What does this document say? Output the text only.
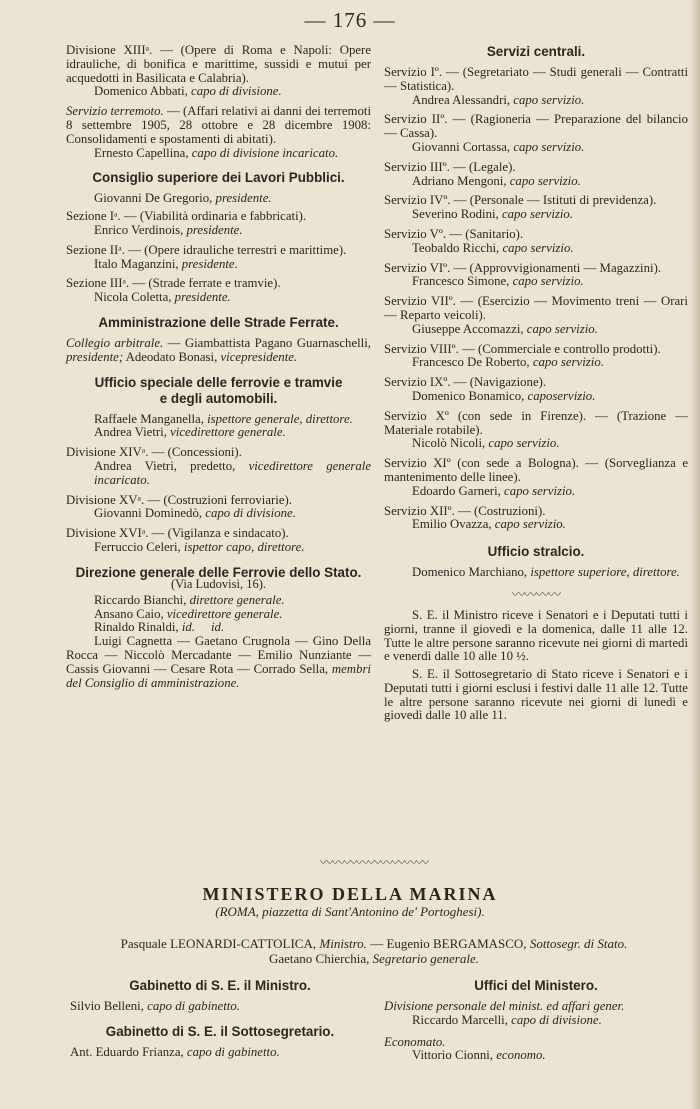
— 176 —
Divisione XIIIᵃ. — (Opere di Roma e Napoli: Opere idrauliche, di bonifica e marittime, sussidi e mutui per acquedotti in Basilicata e Calabria).
Domenico Abbati, capo di divisione.
Servizio terremoto. — (Affari relativi ai danni dei terremoti 8 settembre 1905, 28 ottobre e 28 dicembre 1908: Consolidamenti e spostamenti di abitati).
Ernesto Capellina, capo di divisione incaricato.
Consiglio superiore dei Lavori Pubblici.
Giovanni De Gregorio, presidente.
Sezione Iᵃ. — (Viabilità ordinaria e fabbricati).
Enrico Verdinois, presidente.
Sezione IIᵃ. — (Opere idrauliche terrestri e marittime).
Italo Maganzini, presidente.
Sezione IIIᵃ. — (Strade ferrate e tramvie).
Nicola Coletta, presidente.
Amministrazione delle Strade Ferrate.
Collegio arbitrale. — Giambattista Pagano Guarnaschelli, presidente; Adeodato Bonasi, vicepresidente.
Ufficio speciale delle ferrovie e tramvie
e degli automobili.
Raffaele Manganella, ispettore generale, direttore.
Andrea Vietri, vicedirettore generale.
Divisione XIVᵃ. — (Concessioni).
Andrea Vietri, predetto, vicedirettore generale incaricato.
Divisione XVᵃ. — (Costruzioni ferroviarie).
Giovanni Dominedò, capo di divisione.
Divisione XVIᵃ. — (Vigilanza e sindacato).
Ferruccio Celeri, ispettor capo, direttore.
Direzione generale delle Ferrovie dello Stato.
(Via Ludovisi, 16).
Riccardo Bianchi, direttore generale.
Ansano Caio, vicedirettore generale.
Rinaldo Rinaldi, id.     id.
Luigi Cagnetta — Gaetano Crugnola — Gino Della Rocca — Niccolò Mercadante — Emilio Nunziante — Cassis Giovanni — Cesare Rota — Corrado Sella, membri del Consiglio di amministrazione.
Servizi centrali.
Servizio Iº. — (Segretariato — Studi generali — Contratti — Statistica).
Andrea Alessandri, capo servizio.
Servizio IIº. — (Ragioneria — Preparazione del bilancio — Cassa).
Giovanni Cortassa, capo servizio.
Servizio IIIº. — (Legale).
Adriano Mengoni, capo servizio.
Servizio IVº. — (Personale — Istituti di previdenza).
Severino Rodini, capo servizio.
Servizio Vº. — (Sanitario).
Teobaldo Ricchi, capo servizio.
Servizio VIº. — (Approvvigionamenti — Magazzini).
Francesco Simone, capo servizio.
Servizio VIIº. — (Esercizio — Movimento treni — Orari — Reparto veicoli).
Giuseppe Accomazzi, capo servizio.
Servizio VIIIº. — (Commerciale e controllo prodotti).
Francesco De Roberto, capo servizio.
Servizio IXº. — (Navigazione).
Domenico Bonamico, caposervizio.
Servizio Xº (con sede in Firenze). — (Trazione — Materiale rotabile).
Nicolò Nicoli, capo servizio.
Servizio XIº (con sede a Bologna). — (Sorveglianza e mantenimento delle linee).
Edoardo Garneri, capo servizio.
Servizio XIIº. — (Costruzioni).
Emilio Ovazza, capo servizio.
Ufficio stralcio.
Domenico Marchiano, ispettore superiore, direttore.
〰〰〰〰
S. E. il Ministro riceve i Senatori e i Deputati tutti i giorni, tranne il giovedì e la domenica, dalle 11 alle 12. Tutte le altre persone saranno ricevute nei giorni di martedì e venerdì dalle 10 alle 10 ½.
S. E. il Sottosegretario di Stato riceve i Senatori e i Deputati tutti i giorni esclusi i festivi dalle 11 alle 12. Tutte le altre persone saranno ricevute nei giorni di lunedì e giovedì dalle 10 alle 11.
〰〰〰〰〰〰〰〰〰
MINISTERO DELLA MARINA
(ROMA, piazzetta di Sant'Antonino de' Portoghesi).
Pasquale LEONARDI-CATTOLICA, Ministro. — Eugenio BERGAMASCO, Sottosegr. di Stato.
Gaetano Chierchia, Segretario generale.
Gabinetto di S. E. il Ministro.
Silvio Belleni, capo di gabinetto.
Gabinetto di S. E. il Sottosegretario.
Ant. Eduardo Frianza, capo di gabinetto.
Uffici del Ministero.
Divisione personale del minist. ed affari gener.
Riccardo Marcelli, capo di divisione.
Economato.
Vittorio Cionni, economo.
